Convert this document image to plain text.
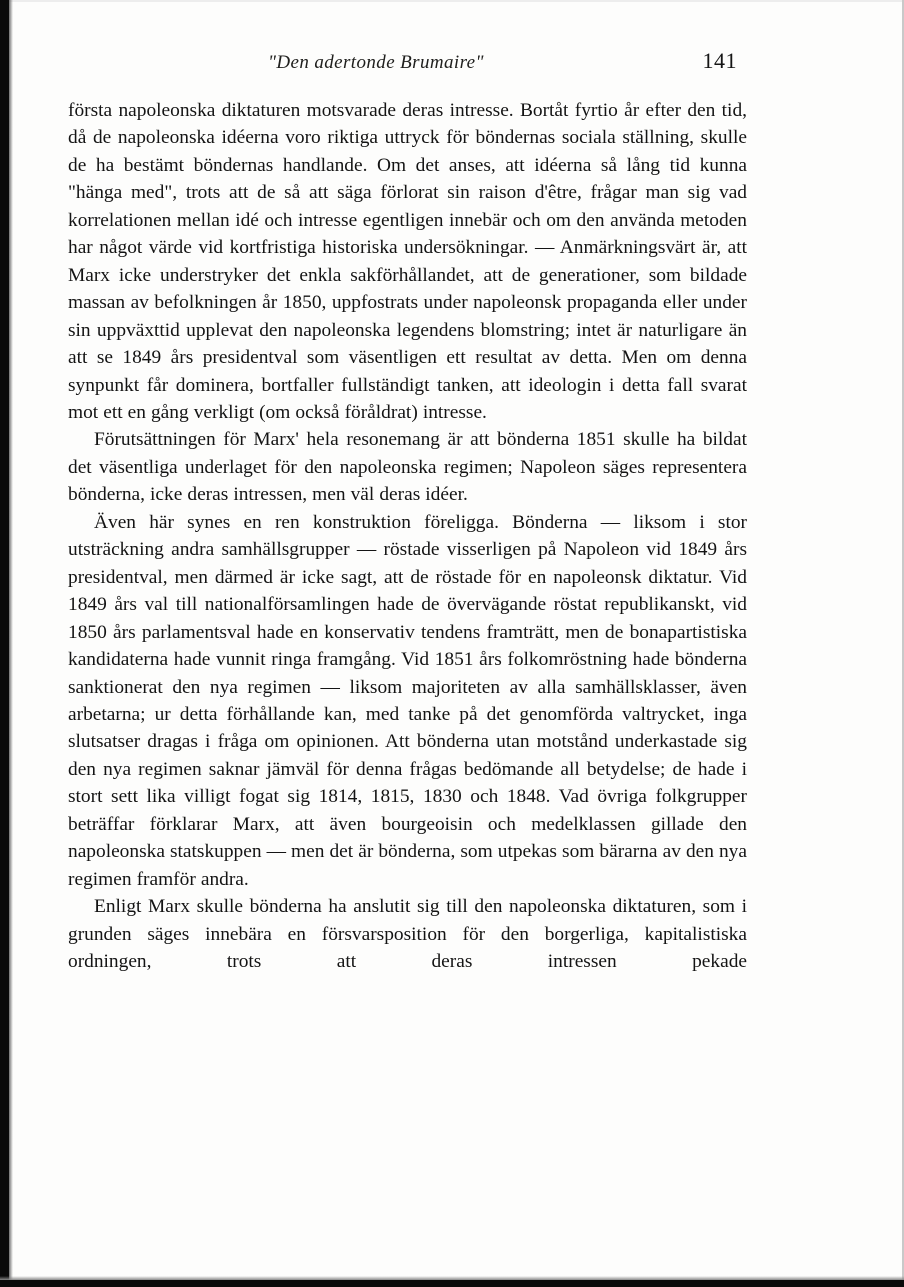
"Den adertonde Brumaire"	141

första napoleonska diktaturen motsvarade deras intresse. Bortåt fyrtio år efter den tid, då de napoleonska idéerna voro riktiga uttryck för böndernas sociala ställning, skulle de ha bestämt böndernas handlande. Om det anses, att idéerna så lång tid kunna "hänga med", trots att de så att säga förlorat sin raison d'être, frågar man sig vad korrelationen mellan idé och intresse egentligen innebär och om den använda metoden har något värde vid kortfristiga historiska undersökningar. — Anmärkningsvärt är, att Marx icke understryker det enkla sakförhållandet, att de generationer, som bildade massan av befolkningen år 1850, uppfostrats under napoleonsk propaganda eller under sin uppväxttid upplevat den napoleonska legendens blomstring; intet är naturligare än att se 1849 års presidentval som väsentligen ett resultat av detta. Men om denna synpunkt får dominera, bortfaller fullständigt tanken, att ideologin i detta fall svarat mot ett en gång verkligt (om också föråldrat) intresse.

Förutsättningen för Marx' hela resonemang är att bönderna 1851 skulle ha bildat det väsentliga underlaget för den napoleonska regimen; Napoleon säges representera bönderna, icke deras intressen, men väl deras idéer.

Även här synes en ren konstruktion föreligga. Bönderna — liksom i stor utsträckning andra samhällsgrupper — röstade visserligen på Napoleon vid 1849 års presidentval, men därmed är icke sagt, att de röstade för en napoleonsk diktatur. Vid 1849 års val till nationalförsamlingen hade de övervägande röstat republikanskt, vid 1850 års parlamentsval hade en konservativ tendens framträtt, men de bonapartistiska kandidaterna hade vunnit ringa framgång. Vid 1851 års folkomröstning hade bönderna sanktionerat den nya regimen — liksom majoriteten av alla samhällsklasser, även arbetarna; ur detta förhållande kan, med tanke på det genomförda valtrycket, inga slutsatser dragas i fråga om opinionen. Att bönderna utan motstånd underkastade sig den nya regimen saknar jämväl för denna frågas bedömande all betydelse; de hade i stort sett lika villigt fogat sig 1814, 1815, 1830 och 1848. Vad övriga folkgrupper beträffar förklarar Marx, att även bourgeoisin och medelklassen gillade den napoleonska statskuppen — men det är bönderna, som utpekas som bärarna av den nya regimen framför andra.

Enligt Marx skulle bönderna ha anslutit sig till den napoleonska diktaturen, som i grunden säges innebära en försvarsposition för den borgerliga, kapitalistiska ordningen, trots att deras intressen pekade
